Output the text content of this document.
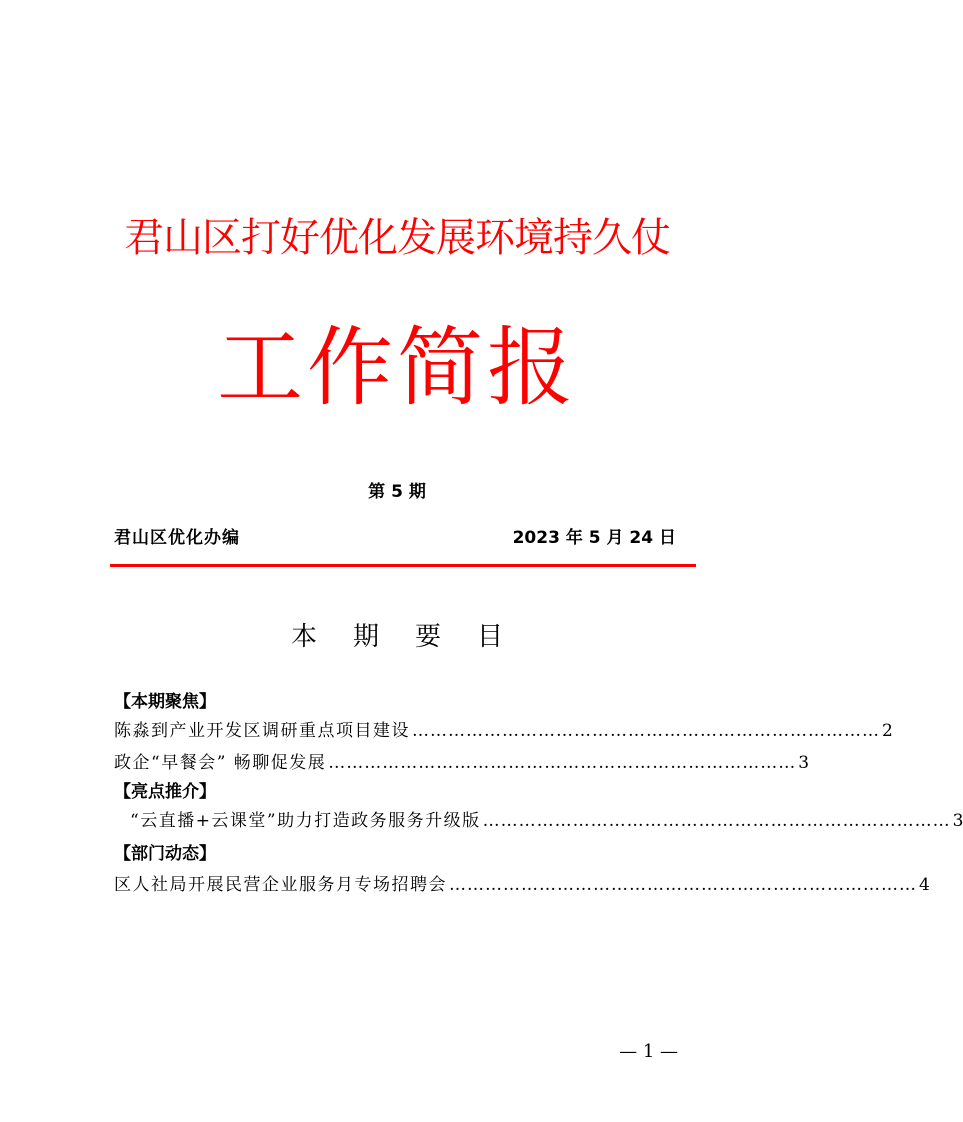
君山区打好优化发展环境持久仗
工作简报
第 5 期
君山区优化办编	2023 年 5 月 24 日
本 期 要 目
【本期聚焦】
陈淼到产业开发区调研重点项目建设 …………………………………………………………………… 2
政企“早餐会” 畅聊促发展 …………………………………………………………………… 3
【亮点推介】
“云直播+云课堂”助力打造政务服务升级版 …………………………………………………………………… 3
【部门动态】
区人社局开展民营企业服务月专场招聘会 …………………………………………………………………… 4
— 1 —
